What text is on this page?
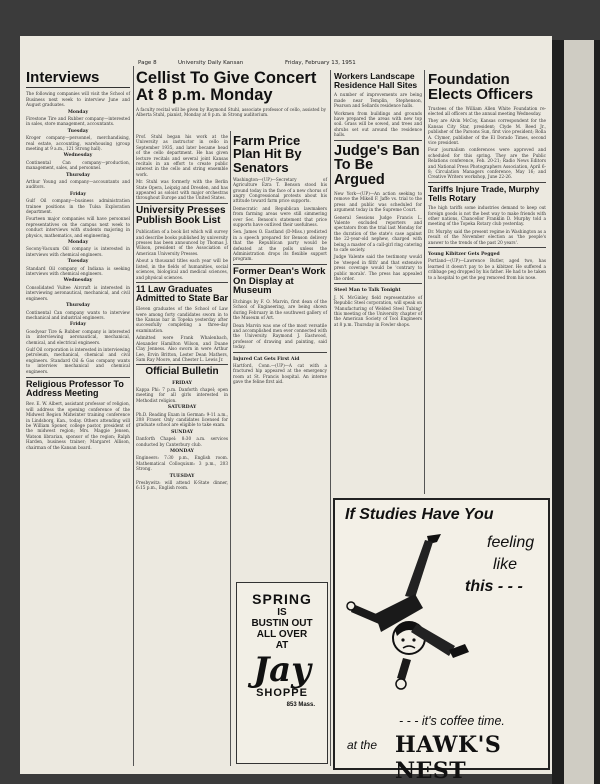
Page 8	University Daily Kansan	Friday, February 13, 1951
Interviews

The following companies will visit the School of Business next week to interview June and August graduates.

Monday

Firestone Tire and Rubber company—interested in sales, store management, accountants.

Tuesday

Kroger company—personnel, merchandising, real estate, accounting, warehousing (group meeting at 9 a.m., 121 Strong hall).

Wednesday

Continental Can company—production, management, sales, and personnel.

Thursday

Arthur Young and company—accountants and auditors.

Friday

Gulf Oil company—business administration trainee positions in the Tulsa Exploration department.

Fourteen major companies will have personnel representatives on the campus next week to conduct interviews with students majoring in physics, mathematics, and engineering.

Monday

Socony-Vacuum Oil company is interested in interviews with chemical engineers.

Tuesday

Standard Oil company of Indiana is seeking interviews with chemical engineers.

Wednesday

Consolidated Vultee Aircraft is interested in interviewing aeronautical, mechanical, and civil engineers.

Thursday

Continental Can company wants to interview mechanical and industrial engineers.

Friday

Goodyear Tire & Rubber company is interested in interviewing aeronautical, mechanical, chemical, and electrical engineers.

Gulf Oil corporation is interested in interviewing petroleum, mechanical, chemical and civil engineers. Standard Oil & Gas company wants to interview mechanical and chemical engineers.

Religious Professor To Address Meeting

Rev. E. W. Albert, assistant professor of religion, will address the opening conference of the Midwest Region Midwinter training conference in Lindsborg, Kan., today. Others attending will be William Sponer, college pastor, president of the midwest region; Mrs. Maggie Jensen, Watson librarian, sponsor of the region; Ralph Harden, business trainer; Margaret Allison, chairman of the Kansan board.

Cellist To Give Concert At 8 p.m. Monday

A faculty recital will be given by Raymond Stuhl, associate professor of cello, assisted by Alberta Stuhl, pianist, Monday at 8 p.m. in Strong auditorium.

Prof. Stuhl began his work at the University as instructor in cello in September 1935, and later became head of the cello department. He has given lecture recitals and several joint Kansas recitals in an effort to create public interest in the cello and string ensemble work.

Mr. Stuhl was formerly with the Berlin State Opera, Leipzig and Dresden, and has appeared as soloist with major orchestras throughout Europe and the United States.

University Presses Publish Book List

Publication of a book list which will survey and describe books published by university presses has been announced by Thomas J. Wilson, president of the Association of American University Presses.

About a thousand titles each year will be listed, in the fields of humanities, social sciences, biological and medical sciences, and physical sciences.

11 Law Graduates Admitted to State Bar

Eleven graduates of the School of Law were among forty candidates sworn in to the Kansas bar in Topeka yesterday after successfully completing a three-day examination.

Admitted were Frank Whalenbach, Alexander Hamilton Wilson, and Duane Clay Jenness. Also sworn in were Arthur Lee, Ervin Britton, Lester Dean Mathers, Sam Ray Moore, and Chester L. Lewis Jr.

Official Bulletin
FRIDAY

Kappa Phi: 7 p.m. Danforth chapel; open meeting for all girls interested in Methodist religion.

SATURDAY

Ph.D. Reading Exam in German: 9-11 a.m., 208 Fraser. Only candidates licensed for graduate school are eligible to take exam.

SUNDAY

Danforth Chapel: 8:30 a.m. services conducted by Canterbury club.

MONDAY

Engineers: 7:30 p.m., English room. Mathematical Colloquium: 3 p.m., 203 Strong.

TUESDAY

Presbywitz: will attend K-State dinner, 6:15 p.m., English room.

Farm Price Plan Hit By Senators

Washington—(UP)—Secretary of Agriculture Ezra T. Benson stood his ground today in the face of a new chorus of angry Congressional protests about his attitude toward farm price supports.

Democratic and Republican lawmakers from farming areas were still simmering over Sec. Benson's statement that price supports have outlived their usefulness.

Sen. James O. Eastland (D-Miss.) predicted in a speech prepared for Benson delivery that the Republican party would be defeated at the polls unless the Administration drops its flexible support program.

Former Dean's Work On Display at Museum

Etchings by F. O. Marvin, first dean of the School of Engineering, are being shown during February in the southwest gallery of the Museum of Art.

Dean Marvin was one of the most versatile and accomplished men ever connected with the University. Raymond J. Eastwood, professor of drawing and painting, said today.

Injured Cat Gets First Aid

Hartford, Conn.—(UP)—A cat with a fractured hip appeared at the emergency room at St. Francis hospital. An interne gave the feline first aid.

SPRING
IS
BUSTIN OUT
ALL OVER
AT
Jay
SHOPPE
853 Mass.
Workers Landscape Residence Hall Sites

A number of improvements are being made near Templin, Stephenson, Pearson and Sellards residence halls.

Workmen from buildings and grounds have prepared the areas with new top soil. Grass will be sowed, and trees and shrubs set out around the residence halls.

Judge's Ban To Be Argued

New York—(UP)—An action seeking to remove the Mikell F. Jaffe vs. trial to the press and public was scheduled for argument today in the Supreme Court.

General Sessions Judge Francis L. Valente excluded reporters and spectators from the trial last Monday for the duration of the state's case against the 22-year-old nephew, charged with being a master of a call-girl ring catering to cafe society.

Judge Valente said the testimony would be 'steeped in filth' and that extensive press coverage would be 'contrary to public morals'. The press has appealed the order.

Steel Man to Talk Tonight

J. N. McGinley, field representative of Republic Steel corporation, will speak on 'Manufacturing of Welded Steel Tubing' this meeting of the University chapter of the American Society of Tool Engineers at 8 p.m. Thursday in Fowler shops.

Foundation Elects Officers

Trustees of the William Allen White Foundation re-elected all officers at the annual meeting Wednesday.

They are Alvin McCoy, Kansas correspondent for the Kansas City Star, president; Clyde M. Reed Jr., publisher of the Parsons Sun, first vice president; Rolla A. Clymer, publisher of the El Dorado Times, second vice president.

Four journalism conferences were approved and scheduled for this spring. They are the Public Relations conference, Feb. 20-21; Radio News Editors and National Press Photographers Association, April 6-8; Circulation Managers conference, May 16; and Creative Writers workshop, June 22-26.

Tariffs Injure Trade, Murphy Tells Rotary

The high tariffs some industries demand to keep out foreign goods is not the best way to make friends with other nations, Chancellor Franklin D. Murphy told a meeting of the Topeka Rotary club yesterday.

Dr. Murphy said the present regime in Washington as a result of the November election as 'the people's answer to the trends of the past 20 years'.

Young Kibitzer Gets Pegged

Portland—(UP)—Lawrence Butler, aged two, has learned it doesn't pay to be a kibitzer. He suffered a cribbage peg dropped by his father. He had to be taken to a hospital to get the peg removed from his nose.

If Studies Have You
feeling
like
this - - -
- - - it's coffee time.
at the HAWK'S NEST
